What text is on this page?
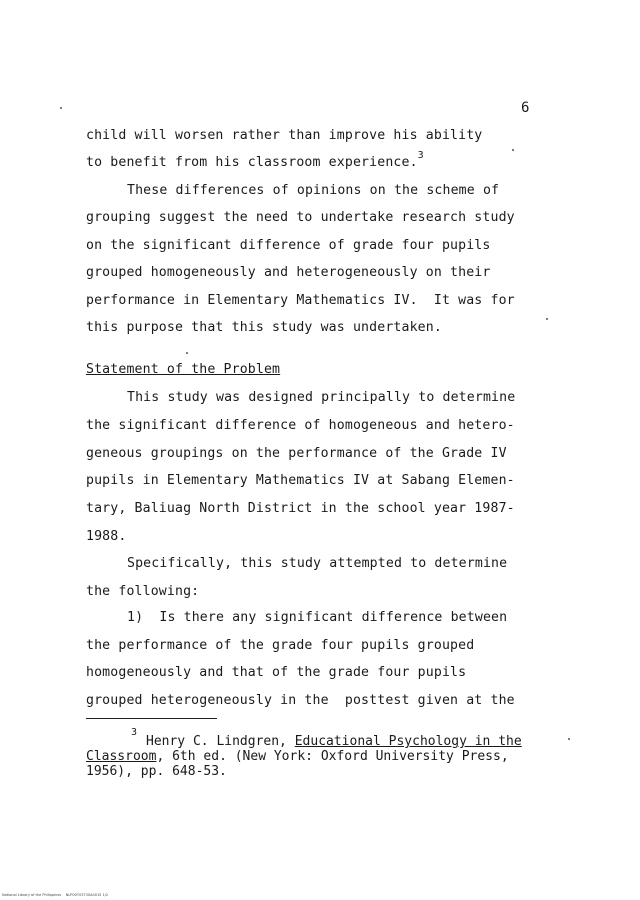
6
child will worsen rather than improve his ability
to benefit from his classroom experience.$^3$
These differences of opinions on the scheme of
grouping suggest the need to undertake research study
on the significant difference of grade four pupils
grouped homogeneously and heterogeneously on their
performance in Elementary Mathematics IV.  It was for
this purpose that this study was undertaken.
Statement of the Problem
This study was designed principally to determine
the significant difference of homogeneous and hetero-
geneous groupings on the performance of the Grade IV
pupils in Elementary Mathematics IV at Sabang Elemen-
tary, Baliuag North District in the school year 1987-
1988.
Specifically, this study attempted to determine
the following:
1)  Is there any significant difference between
the performance of the grade four pupils grouped
homogeneously and that of the grade four pupils
grouped heterogeneously in the  posttest given at the
3
Henry C. Lindgren, Educational Psychology in the
Classroom, 6th ed. (New York: Oxford University Press,
1956), pp. 648-53.
National Library of the Philippines    NLP00T03730A0015 1/2
